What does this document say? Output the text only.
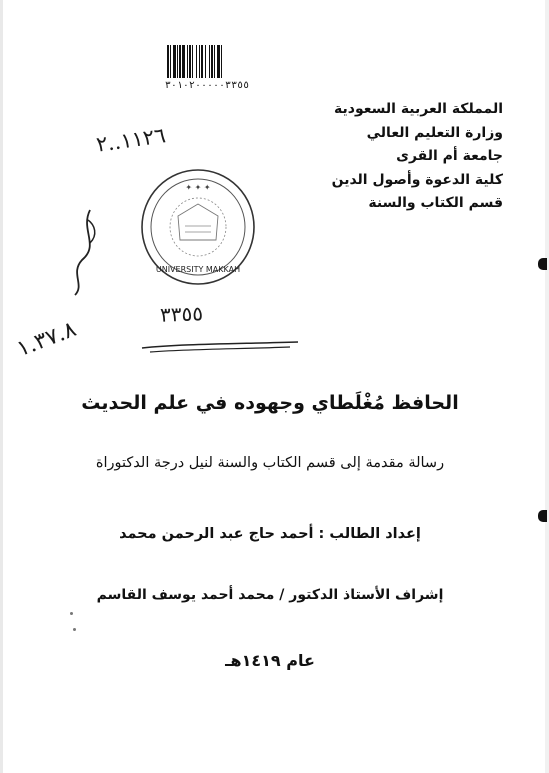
٣٠١٠٢٠٠٠٠٠٣٣٥٥
المملكة العربية السعودية
وزارة التعليم العالي
جامعة أم القرى
كلية الدعوة وأصول الدين
قسم الكتاب والسنة
١١٢٦..٢
١.٣٧.٨
٣٣٥٥
✦ ✦ ✦
UNIVERSITY MAKKAH
الحافظ مُغْلَطاي وجهوده في علم الحديث
رسالة مقدمة إلى قسم الكتاب والسنة لنيل درجة الدكتوراة
إعداد الطالب : أحمد حاج عبد الرحمن محمد
إشراف الأستاذ الدكتور / محمد أحمد يوسف القاسم
عام ١٤١٩هـ
